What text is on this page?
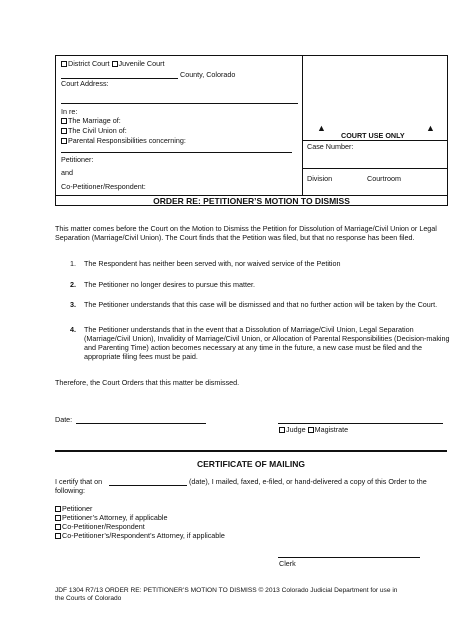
District Court Juvenile Court
County, Colorado
Court Address:
In re:
The Marriage of:
The Civil Union of:
Parental Responsibilities concerning:
Petitioner:
and
Co-Petitioner/Respondent:
▲
COURT USE ONLY
▲
Case Number:
Division	Courtroom
ORDER RE: PETITIONER’S MOTION TO DISMISS
This matter comes before the Court on the Motion to Dismiss the Petition for Dissolution of Marriage/Civil Union or Legal Separation (Marriage/Civil Union). The Court finds that the Petition was filed, but that no response has been filed.
1.	The Respondent has neither been served with, nor waived service of the Petition
2.	The Petitioner no longer desires to pursue this matter.
3.	The Petitioner understands that this case will be dismissed and that no further action will be taken by the Court.
4.	The Petitioner understands that in the event that a Dissolution of Marriage/Civil Union, Legal Separation (Marriage/Civil Union), Invalidity of Marriage/Civil Union, or Allocation of Parental Responsibilities (Decision-making and Parenting Time) action becomes necessary at any time in the future, a new case must be filed and the appropriate filing fees must be paid.
Therefore, the Court Orders that this matter be dismissed.
Date:
Judge Magistrate
CERTIFICATE OF MAILING
I certify that on	(date), I mailed, faxed, e-filed, or hand-delivered a copy of this Order to the
following:
Petitioner
Petitioner’s Attorney, if applicable
Co-Petitioner/Respondent
Co-Petitioner’s/Respondent’s Attorney, if applicable
Clerk
JDF 1304 R7/13 ORDER RE: PETITIONER’S MOTION TO DISMISS © 2013 Colorado Judicial Department for use in
the Courts of Colorado
